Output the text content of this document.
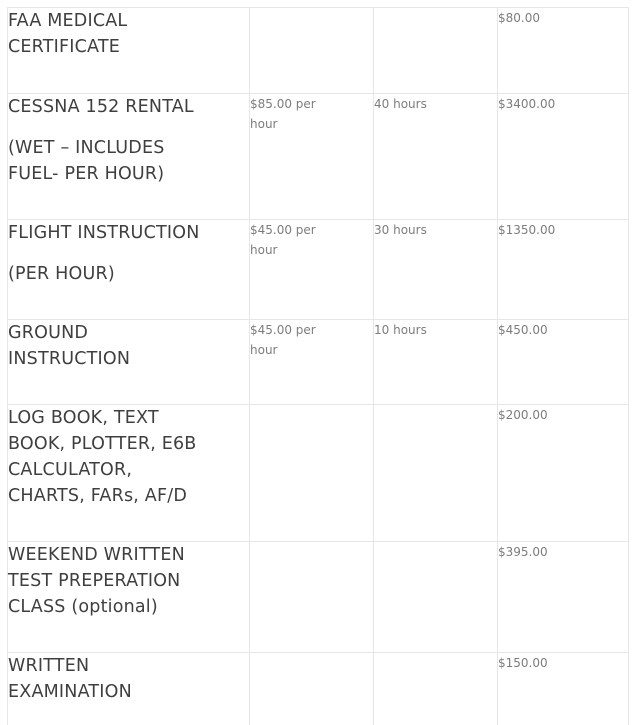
FAA MEDICAL
CERTIFICATE			$80.00

CESSNA 152 RENTAL
(WET – INCLUDES
FUEL- PER HOUR)	$85.00 per hour	40 hours	$3400.00

FLIGHT INSTRUCTION
(PER HOUR)	$45.00 per hour	30 hours	$1350.00

GROUND
INSTRUCTION	$45.00 per hour	10 hours	$450.00

LOG BOOK, TEXT
BOOK, PLOTTER, E6B
CALCULATOR,
CHARTS, FARs, AF/D			$200.00

WEEKEND WRITTEN
TEST PREPERATION
CLASS (optional)			$395.00

WRITTEN
EXAMINATION			$150.00
